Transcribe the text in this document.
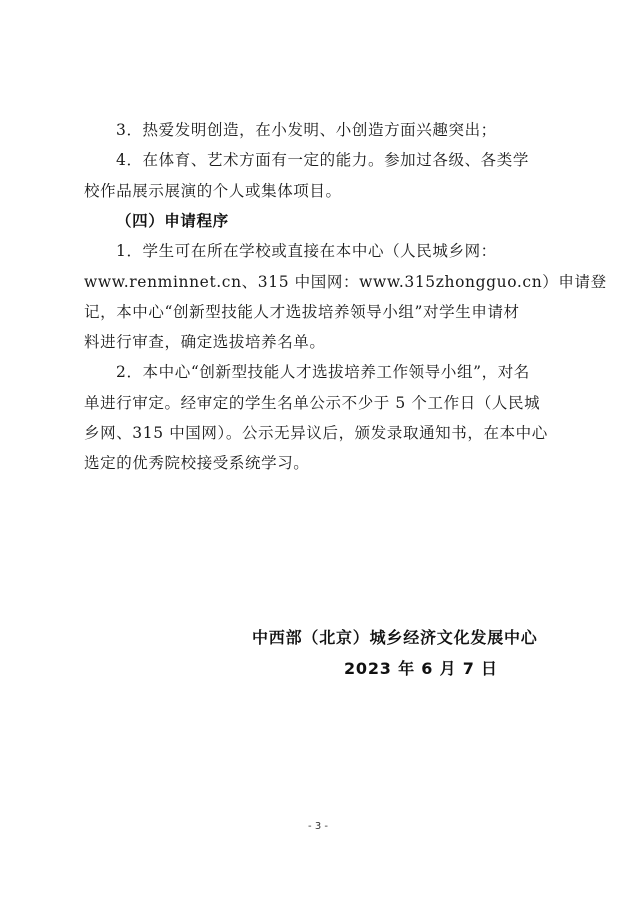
3．热爱发明创造，在小发明、小创造方面兴趣突出；
4．在体育、艺术方面有一定的能力。参加过各级、各类学
校作品展示展演的个人或集体项目。
（四）申请程序
1．学生可在所在学校或直接在本中心（人民城乡网：
www.renminnet.cn、315 中国网：www.315zhongguo.cn）申请登
记，本中心“创新型技能人才选拔培养领导小组”对学生申请材
料进行审查，确定选拔培养名单。
2．本中心“创新型技能人才选拔培养工作领导小组”，对名
单进行审定。经审定的学生名单公示不少于 5 个工作日（人民城
乡网、315 中国网）。公示无异议后，颁发录取通知书，在本中心
选定的优秀院校接受系统学习。
中西部（北京）城乡经济文化发展中心
2023 年 6 月 7 日
- 3 -
